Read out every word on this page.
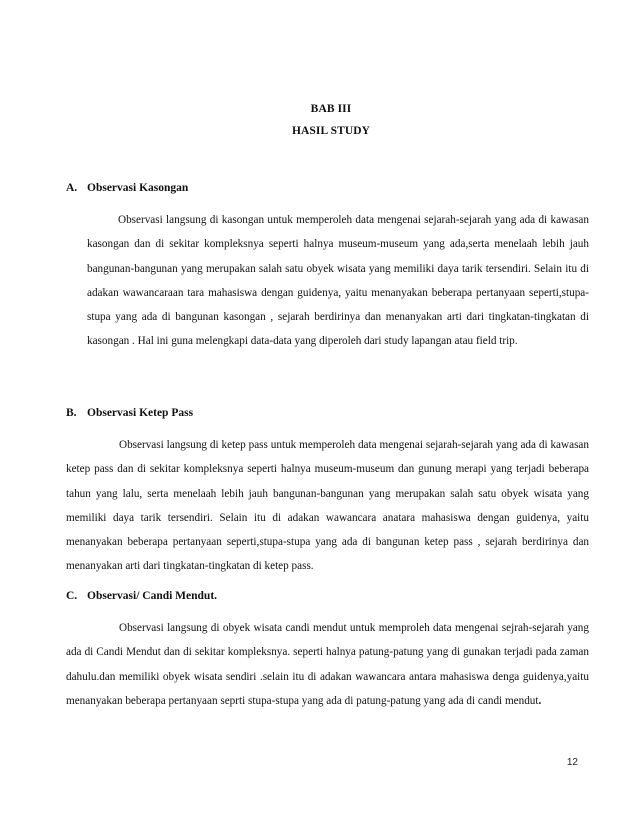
BAB III
HASIL STUDY
A. Observasi Kasongan

Observasi langsung di kasongan untuk memperoleh data mengenai sejarah-sejarah yang ada di kawasan kasongan dan di sekitar kompleksnya seperti halnya museum-museum yang ada,serta menelaah lebih jauh bangunan-bangunan yang merupakan salah satu obyek wisata yang memiliki daya tarik tersendiri. Selain itu di adakan wawancaraan tara mahasiswa dengan guidenya, yaitu menanyakan beberapa pertanyaan seperti,stupa-stupa yang ada di bangunan kasongan , sejarah berdirinya dan menanyakan arti dari tingkatan-tingkatan di kasongan . Hal ini guna melengkapi data-data yang diperoleh dari study lapangan atau field trip.

B. Observasi Ketep Pass

Observasi langsung di ketep pass untuk memperoleh data mengenai sejarah-sejarah yang ada di kawasan ketep pass dan di sekitar kompleksnya seperti halnya museum-museum dan gunung merapi yang terjadi beberapa tahun yang lalu, serta menelaah lebih jauh bangunan-bangunan yang merupakan salah satu obyek wisata yang memiliki daya tarik tersendiri. Selain itu di adakan wawancara anatara mahasiswa dengan guidenya, yaitu menanyakan beberapa pertanyaan seperti,stupa-stupa yang ada di bangunan ketep pass , sejarah berdirinya dan menanyakan arti dari tingkatan-tingkatan di ketep pass.

C. Observasi/ Candi Mendut.

Observasi langsung di obyek wisata candi mendut untuk memproleh data mengenai sejrah-sejarah yang ada di Candi Mendut dan di sekitar kompleksnya. seperti halnya patung-patung yang di gunakan terjadi pada zaman dahulu.dan memiliki obyek wisata sendiri .selain itu di adakan wawancara antara mahasiswa denga guidenya,yaitu menanyakan beberapa pertanyaan seprti stupa-stupa yang ada di patung-patung yang ada di candi mendut.

12
